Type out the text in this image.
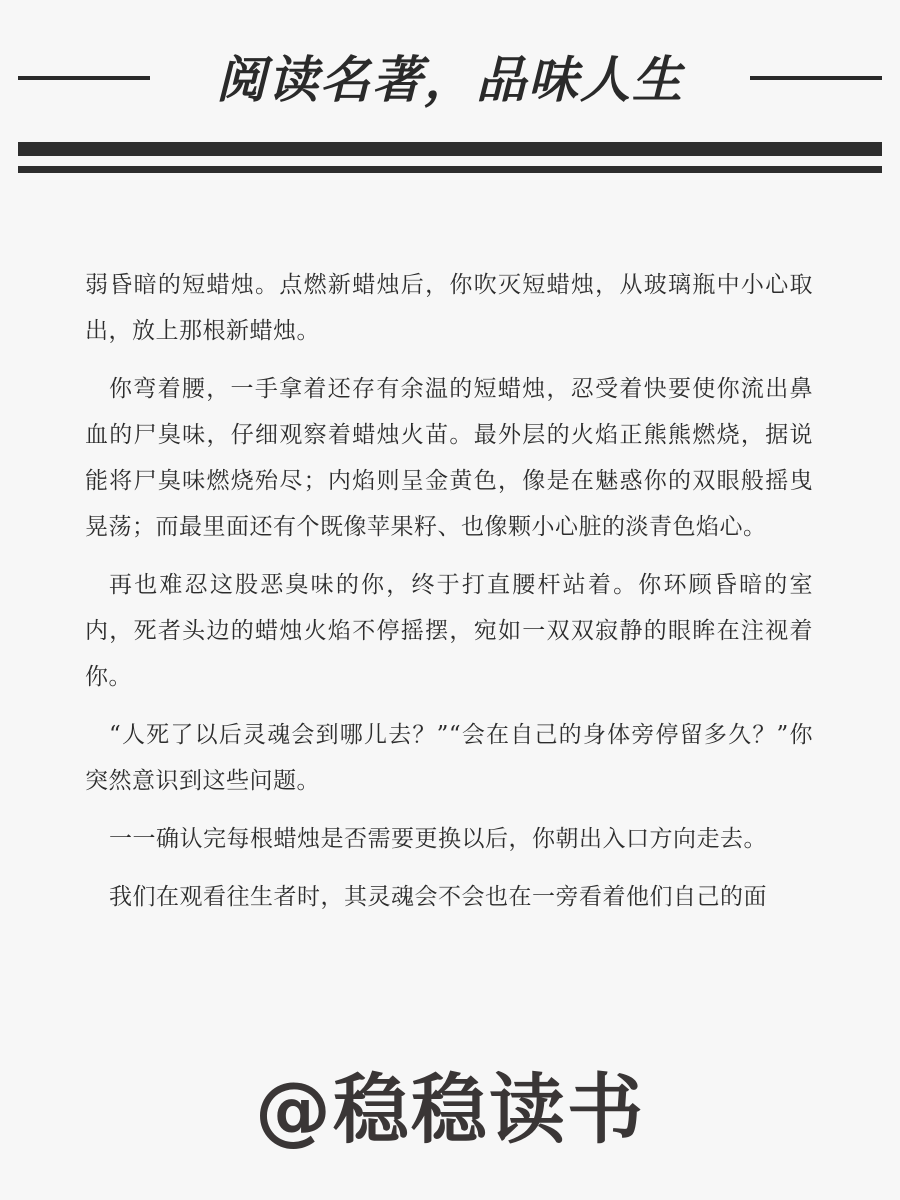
阅读名著，品味人生

弱昏暗的短蜡烛。点燃新蜡烛后，你吹灭短蜡烛，从玻璃瓶中小心取出，放上那根新蜡烛。

你弯着腰，一手拿着还存有余温的短蜡烛，忍受着快要使你流出鼻血的尸臭味，仔细观察着蜡烛火苗。最外层的火焰正熊熊燃烧，据说能将尸臭味燃烧殆尽；内焰则呈金黄色，像是在魅惑你的双眼般摇曳晃荡；而最里面还有个既像苹果籽、也像颗小心脏的淡青色焰心。

再也难忍这股恶臭味的你，终于打直腰杆站着。你环顾昏暗的室内，死者头边的蜡烛火焰不停摇摆，宛如一双双寂静的眼眸在注视着你。

“人死了以后灵魂会到哪儿去？”“会在自己的身体旁停留多久？”你突然意识到这些问题。

一一确认完每根蜡烛是否需要更换以后，你朝出入口方向走去。

我们在观看往生者时，其灵魂会不会也在一旁看着他们自己的面

@稳稳读书
